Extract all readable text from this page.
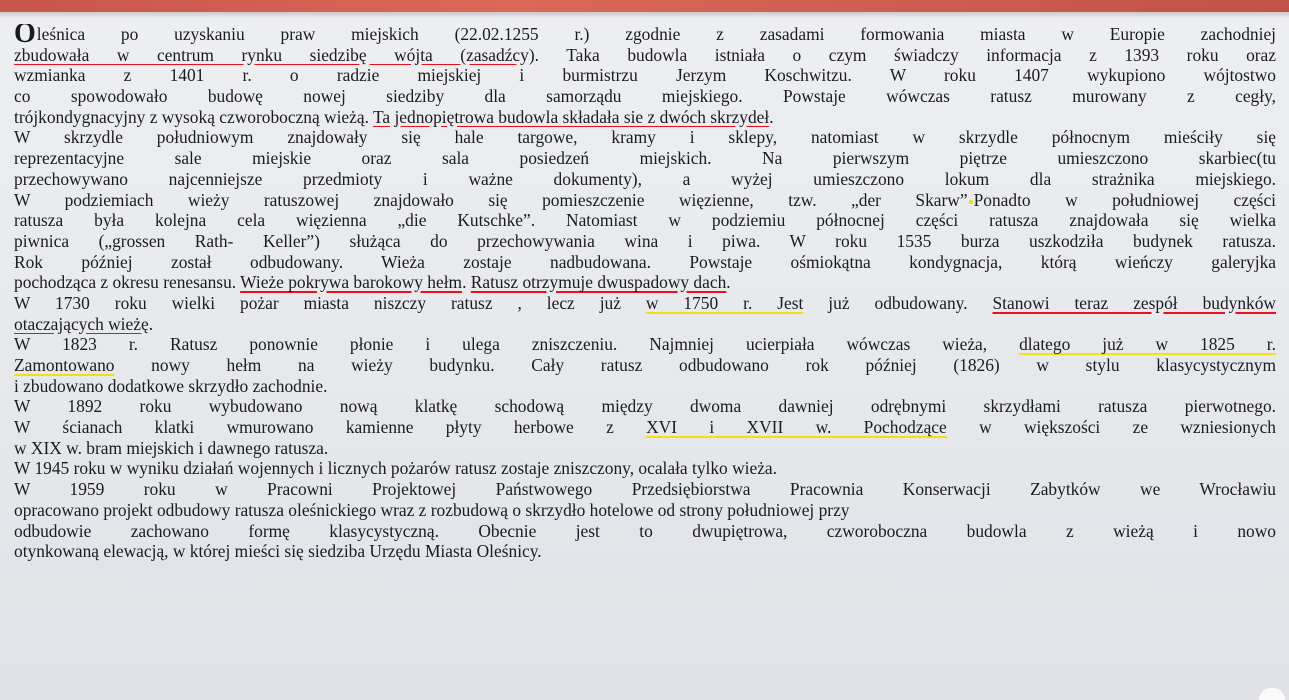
Oleśnica po uzyskaniu praw miejskich (22.02.1255 r.) zgodnie z zasadami formowania miasta w Europie zachodniej
zbudowała w centrum rynku siedzibę wójta (zasadźcy). Taka budowla istniała o czym świadczy informacja z 1393 roku oraz
wzmianka z 1401 r. o radzie miejskiej i burmistrzu Jerzym Koschwitzu. W roku 1407 wykupiono wójtostwo
co spowodowało budowę nowej siedziby dla samorządu miejskiego. Powstaje wówczas ratusz murowany z cegły,
trójkondygnacyjny z wysoką czworoboczną wieżą. Ta jednopiętrowa budowla składała sie z dwóch skrzydeł.
W skrzydle południowym znajdowały się hale targowe, kramy i sklepy, natomiast w skrzydle północnym mieściły się
reprezentacyjne sale miejskie oraz sala posiedzeń miejskich. Na pierwszym piętrze umieszczono skarbiec(tu
przechowywano najcenniejsze przedmioty i ważne dokumenty), a wyżej umieszczono lokum dla strażnika miejskiego.
W podziemiach wieży ratuszowej znajdowało się pomieszczenie więzienne, tzw. „der Skarw” Ponadto w południowej części
ratusza była kolejna cela więzienna „die Kutschke”. Natomiast w podziemiu północnej części ratusza znajdowała się wielka
piwnica („grossen Rath- Keller”) służąca do przechowywania wina i piwa. W roku 1535 burza uszkodziła budynek ratusza.
Rok później został odbudowany. Wieża zostaje nadbudowana. Powstaje ośmiokątna kondygnacja, którą wieńczy galeryjka
pochodząca z okresu renesansu. Wieże pokrywa barokowy hełm. Ratusz otrzymuje dwuspadowy dach.
W 1730 roku wielki pożar miasta niszczy ratusz , lecz już w 1750 r. Jest już odbudowany. Stanowi teraz zespół budynków
otaczających wieżę.
W 1823 r. Ratusz ponownie płonie i ulega zniszczeniu. Najmniej ucierpiała wówczas wieża, dlatego już w 1825 r.
Zamontowano nowy hełm na wieży budynku. Cały ratusz odbudowano rok później (1826) w stylu klasycystycznym
i zbudowano dodatkowe skrzydło zachodnie.
W 1892 roku wybudowano nową klatkę schodową między dwoma dawniej odrębnymi skrzydłami ratusza pierwotnego.
W ścianach klatki wmurowano kamienne płyty herbowe z XVI i XVII w. Pochodzące w większości ze wzniesionych
w XIX w. bram miejskich i dawnego ratusza.
W 1945 roku w wyniku działań wojennych i licznych pożarów ratusz zostaje zniszczony, ocalała tylko wieża.
W 1959 roku w Pracowni Projektowej Państwowego Przedsiębiorstwa Pracownia Konserwacji Zabytków we Wrocławiu
opracowano projekt odbudowy ratusza oleśnickiego wraz z rozbudową o skrzydło hotelowe od strony południowej przy
odbudowie zachowano formę klasycystyczną. Obecnie jest to dwupiętrowa, czworoboczna budowla z wieżą i nowo
otynkowaną elewacją, w której mieści się siedziba Urzędu Miasta Oleśnicy.
